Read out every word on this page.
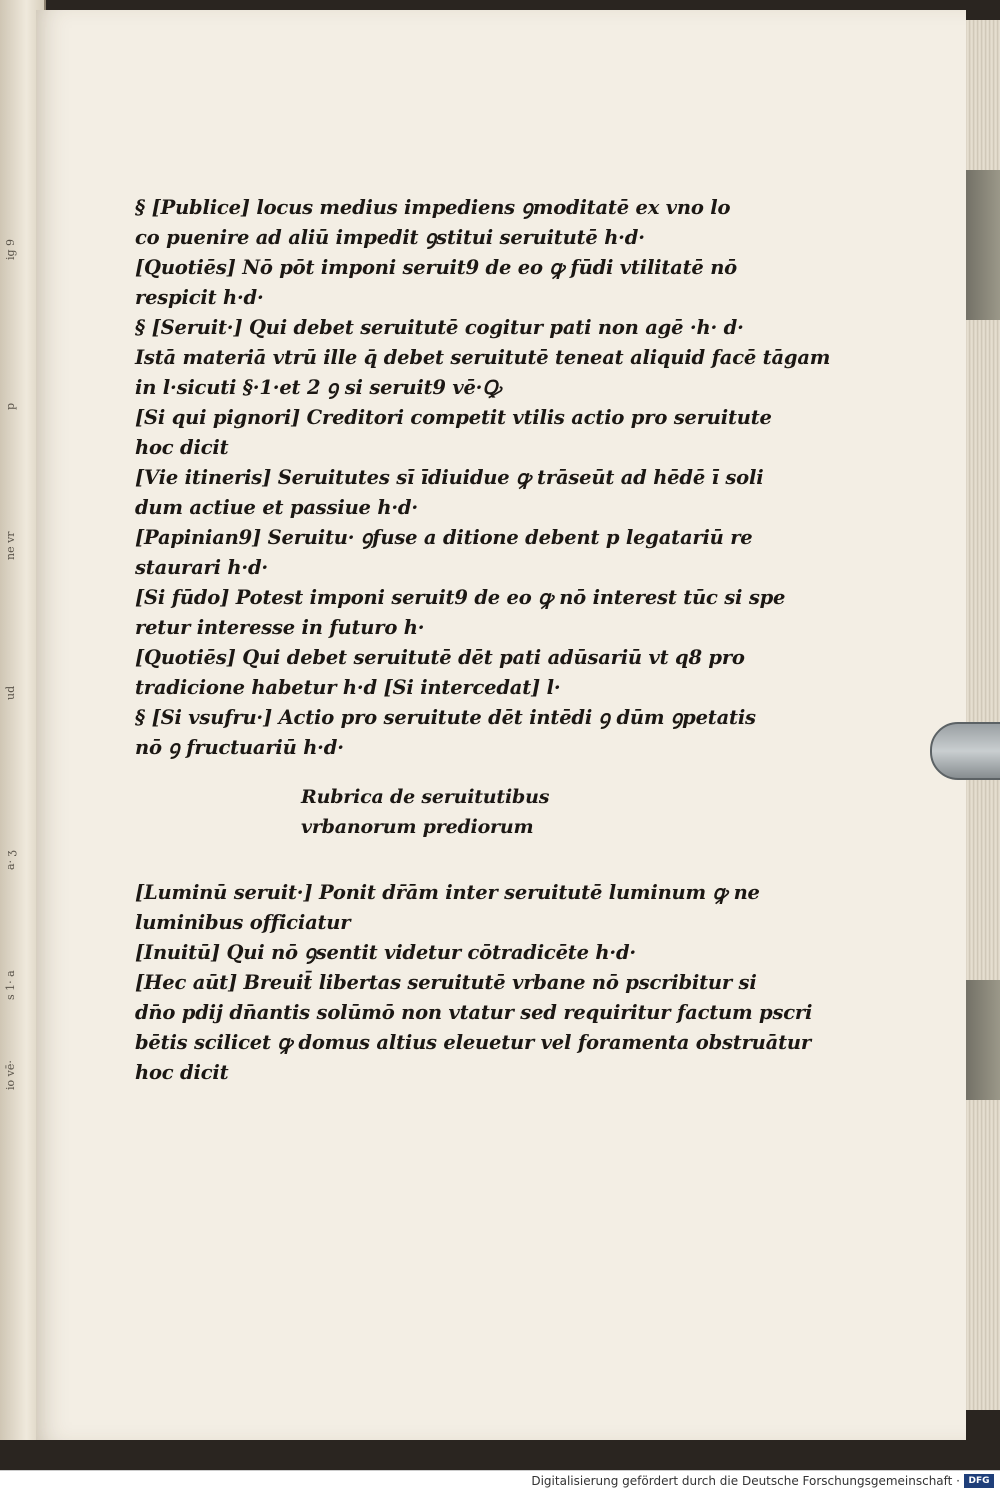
ig 9
p
ne vr
ud
a· ʒ
s 1· a
io vē·
§ [Publice] locus medius impediens ꝯmoditatē ex vno lo
co puenire ad aliū impedit ꝯstitui seruitutē h·d·
[Quotiēs] Nō pōt imponi seruit9 de eo ꝙ fūdi vtilitatē nō
respicit h·d·
§ [Seruit·] Qui debet seruitutē cogitur pati non agē ·h· d·
Istā materiā vtrū ille q̄ debet seruitutē teneat aliquid facē tāgam
in l·sicuti §·1·et 2 ꝯ si seruit9 vē·Ꝙ
[Si qui pignori] Creditori competit vtilis actio pro seruitute
hoc dicit
[Vie itineris] Seruitutes sī īdiuidue ꝙ trāseūt ad hēdē ī soli
dum actiue et passiue h·d·
[Papinian9] Seruitu· ꝯfuse a ditione debent p legatariū re
staurari h·d·
[Si fūdo] Potest imponi seruit9 de eo ꝙ nō interest tūc si spe
retur interesse in futuro h·
[Quotiēs] Qui debet seruitutē dēt pati adūsariū vt q8 pro
tradicione habetur h·d [Si intercedat] l·
§ [Si vsufru·] Actio pro seruitute dēt intēdi ꝯ dūm ꝯpetatis
nō ꝯ fructuariū h·d·
Rubrica de seruitutibus
vrbanorum prediorum
[Luminū seruit·] Ponit dr̄ām inter seruitutē luminum ꝙ ne
luminibus officiatur
[Inuitū] Qui nō ꝯsentit videtur cōtradicēte h·d·
[Hec aūt] Breuit̄ libertas seruitutē vrbane nō pscribitur si
dn̄o pdij dn̄antis solūmō non vtatur sed requiritur factum pscri
bētis scilicet ꝙ domus altius eleuetur vel foramenta obstruātur
hoc dicit
Digitalisierung gefördert durch die Deutsche Forschungsgemeinschaft · DFG
